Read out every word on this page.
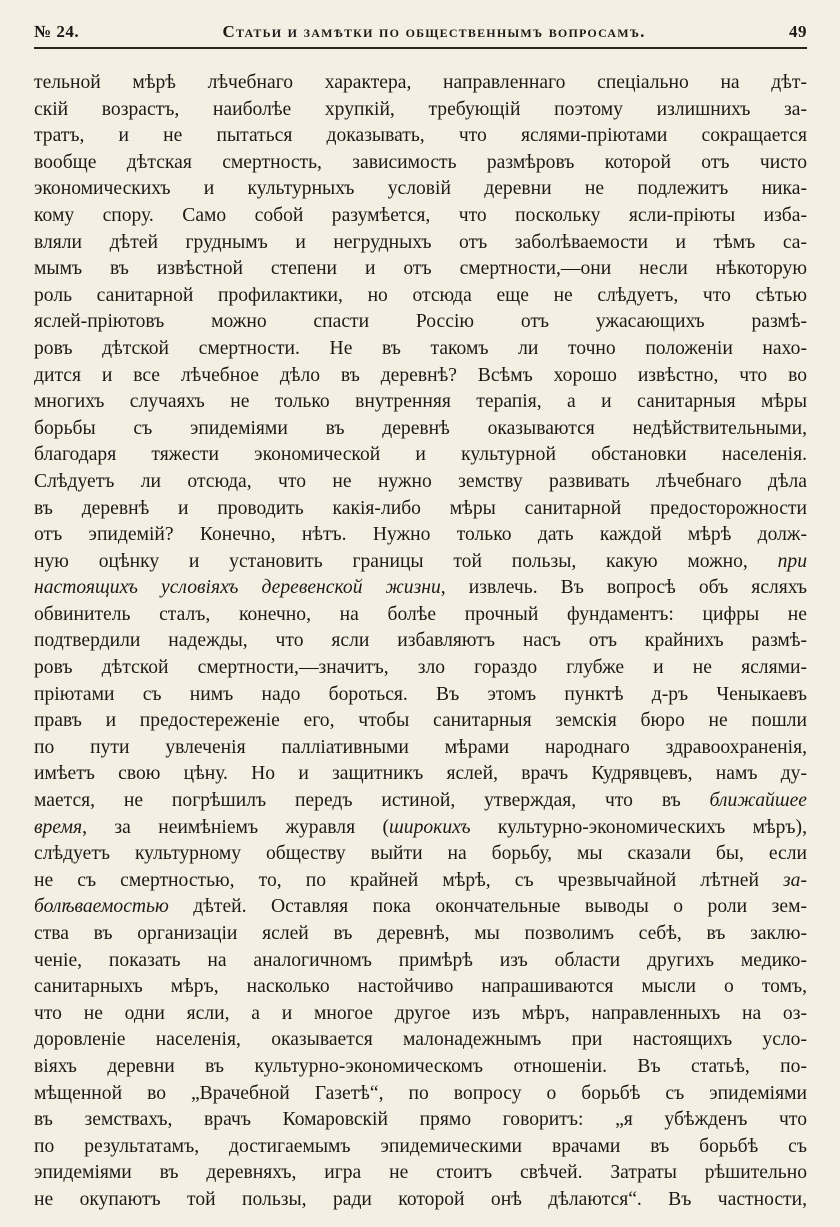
№ 24.	Статьи и замѣтки по общественнымъ вопросамъ.	49
тельной мѣрѣ лѣчебнаго характера, направленнаго спеціально на дѣт-
скій возрастъ, наиболѣе хрупкій, требующій поэтому излишнихъ за-
тратъ, и не пытаться доказывать, что яслями-пріютами сокращается
вообще дѣтская смертность, зависимость размѣровъ которой отъ чисто
экономическихъ и культурныхъ условій деревни не подлежитъ ника-
кому спору. Само собой разумѣется, что поскольку ясли-пріюты изба-
вляли дѣтей груднымъ и негрудныхъ отъ заболѣваемости и тѣмъ са-
мымъ въ извѣстной степени и отъ смертности,—они несли нѣкоторую
роль санитарной профилактики, но отсюда еще не слѣдуетъ, что сѣтью
яслей-пріютовъ можно спасти Россію отъ ужасающихъ размѣ-
ровъ дѣтской смертности. Не въ такомъ ли точно положеніи нахо-
дится и все лѣчебное дѣло въ деревнѣ? Всѣмъ хорошо извѣстно, что во
многихъ случаяхъ не только внутренняя терапія, а и санитарныя мѣры
борьбы съ эпидеміями въ деревнѣ оказываются недѣйствительными,
благодаря тяжести экономической и культурной обстановки населенія.
Слѣдуетъ ли отсюда, что не нужно земству развивать лѣчебнаго дѣла
въ деревнѣ и проводить какія-либо мѣры санитарной предосторожности
отъ эпидемій? Конечно, нѣтъ. Нужно только дать каждой мѣрѣ долж-
ную оцѣнку и установить границы той пользы, какую можно, при
настоящихъ условіяхъ деревенской жизни, извлечь. Въ вопросѣ объ ясляхъ
обвинитель сталъ, конечно, на болѣе прочный фундаментъ: цифры не
подтвердили надежды, что ясли избавляютъ насъ отъ крайнихъ размѣ-
ровъ дѣтской смертности,—значитъ, зло гораздо глубже и не яслями-
пріютами съ нимъ надо бороться. Въ этомъ пунктѣ д-ръ Ченыкаевъ
правъ и предостереженіе его, чтобы санитарныя земскія бюро не пошли
по пути увлеченія паллiативными мѣрами народнаго здравоохраненія,
имѣетъ свою цѣну. Но и защитникъ яслей, врачъ Кудрявцевъ, намъ ду-
мается, не погрѣшилъ передъ истиной, утверждая, что въ ближайшее
время, за неимѣніемъ журавля (широкихъ культурно-экономическихъ мѣръ),
слѣдуетъ культурному обществу выйти на борьбу, мы сказали бы, если
не съ смертностью, то, по крайней мѣрѣ, съ чрезвычайной лѣтней за-
болѣваемостью дѣтей. Оставляя пока окончательные выводы о роли зем-
ства въ организаціи яслей въ деревнѣ, мы позволимъ себѣ, въ заклю-
ченіе, показать на аналогичномъ примѣрѣ изъ области другихъ медико-
санитарныхъ мѣръ, насколько настойчиво напрашиваются мысли о томъ,
что не одни ясли, а и многое другое изъ мѣръ, направленныхъ на оз-
доровленіе населенія, оказывается малонадежнымъ при настоящихъ усло-
віяхъ деревни въ культурно-экономическомъ отношеніи. Въ статьѣ, по-
мѣщенной во „Врачебной Газетѣ“, по вопросу о борьбѣ съ эпидеміями
въ земствахъ, врачъ Комаровскій прямо говоритъ: „я убѣжденъ что
по результатамъ, достигаемымъ эпидемическими врачами въ борьбѣ съ
эпидеміями въ деревняхъ, игра не стоитъ свѣчей. Затраты рѣшительно
не окупаютъ той пользы, ради которой онѣ дѣлаются“. Въ частности,
